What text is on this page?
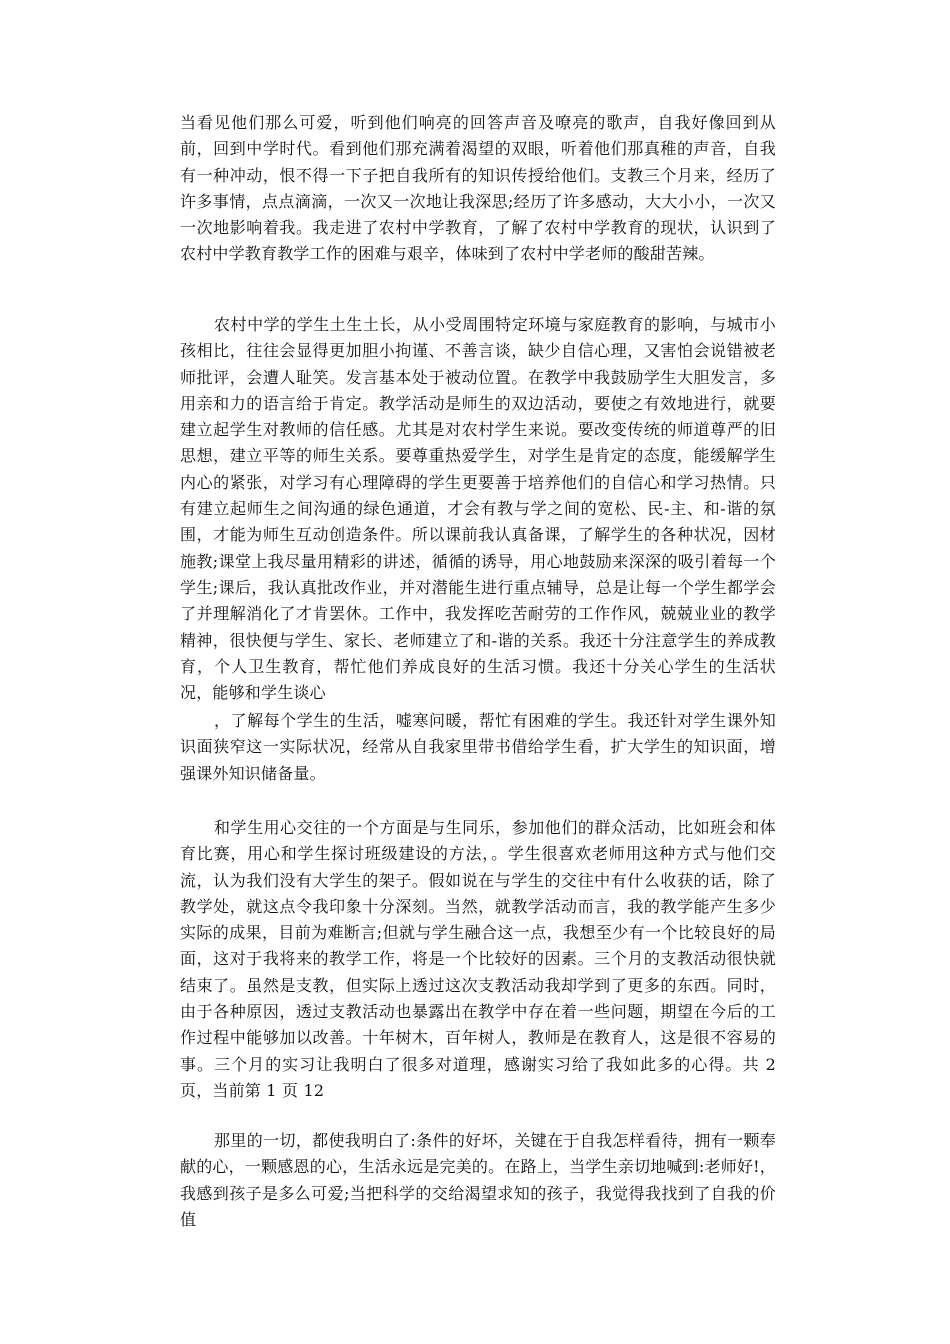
当看见他们那么可爱，听到他们响亮的回答声音及嘹亮的歌声，自我好像回到从前，回到中学时代。看到他们那充满着渴望的双眼，听着他们那真稚的声音，自我有一种冲动，恨不得一下子把自我所有的知识传授给他们。支教三个月来，经历了许多事情，点点滴滴，一次又一次地让我深思;经历了许多感动，大大小小，一次又一次地影响着我。我走进了农村中学教育，了解了农村中学教育的现状，认识到了农村中学教育教学工作的困难与艰辛，体味到了农村中学老师的酸甜苦辣。

农村中学的学生土生土长，从小受周围特定环境与家庭教育的影响，与城市小孩相比，往往会显得更加胆小拘谨、不善言谈，缺少自信心理，又害怕会说错被老师批评，会遭人耻笑。发言基本处于被动位置。在教学中我鼓励学生大胆发言，多用亲和力的语言给于肯定。教学活动是师生的双边活动，要使之有效地进行，就要建立起学生对教师的信任感。尤其是对农村学生来说。要改变传统的师道尊严的旧思想，建立平等的师生关系。要尊重热爱学生，对学生是肯定的态度，能缓解学生内心的紧张，对学习有心理障碍的学生更要善于培养他们的自信心和学习热情。只有建立起师生之间沟通的绿色通道，才会有教与学之间的宽松、民-主、和-谐的氛围，才能为师生互动创造条件。所以课前我认真备课，了解学生的各种状况，因材施教;课堂上我尽量用精彩的讲述，循循的诱导，用心地鼓励来深深的吸引着每一个学生;课后，我认真批改作业，并对潜能生进行重点辅导，总是让每一个学生都学会了并理解消化了才肯罢休。工作中，我发挥吃苦耐劳的工作作风，兢兢业业的教学精神，很快便与学生、家长、老师建立了和-谐的关系。我还十分注意学生的养成教育，个人卫生教育，帮忙他们养成良好的生活习惯。我还十分关心学生的生活状况，能够和学生谈心

，了解每个学生的生活，嘘寒问暖，帮忙有困难的学生。我还针对学生课外知识面狭窄这一实际状况，经常从自我家里带书借给学生看，扩大学生的知识面，增强课外知识储备量。

和学生用心交往的一个方面是与生同乐，参加他们的群众活动，比如班会和体育比赛，用心和学生探讨班级建设的方法，。学生很喜欢老师用这种方式与他们交流，认为我们没有大学生的架子。假如说在与学生的交往中有什么收获的话，除了教学处，就这点令我印象十分深刻。当然，就教学活动而言，我的教学能产生多少实际的成果，目前为难断言;但就与学生融合这一点，我想至少有一个比较良好的局面，这对于我将来的教学工作，将是一个比较好的因素。三个月的支教活动很快就结束了。虽然是支教，但实际上透过这次支教活动我却学到了更多的东西。同时，由于各种原因，透过支教活动也暴露出在教学中存在着一些问题，期望在今后的工作过程中能够加以改善。十年树木，百年树人，教师是在教育人，这是很不容易的事。三个月的实习让我明白了很多对道理，感谢实习给了我如此多的心得。共 2 页，当前第 1 页 12

那里的一切，都使我明白了:条件的好坏，关键在于自我怎样看待，拥有一颗奉献的心，一颗感恩的心，生活永远是完美的。在路上，当学生亲切地喊到:老师好!，我感到孩子是多么可爱;当把科学的交给渴望求知的孩子，我觉得我找到了自我的价值
